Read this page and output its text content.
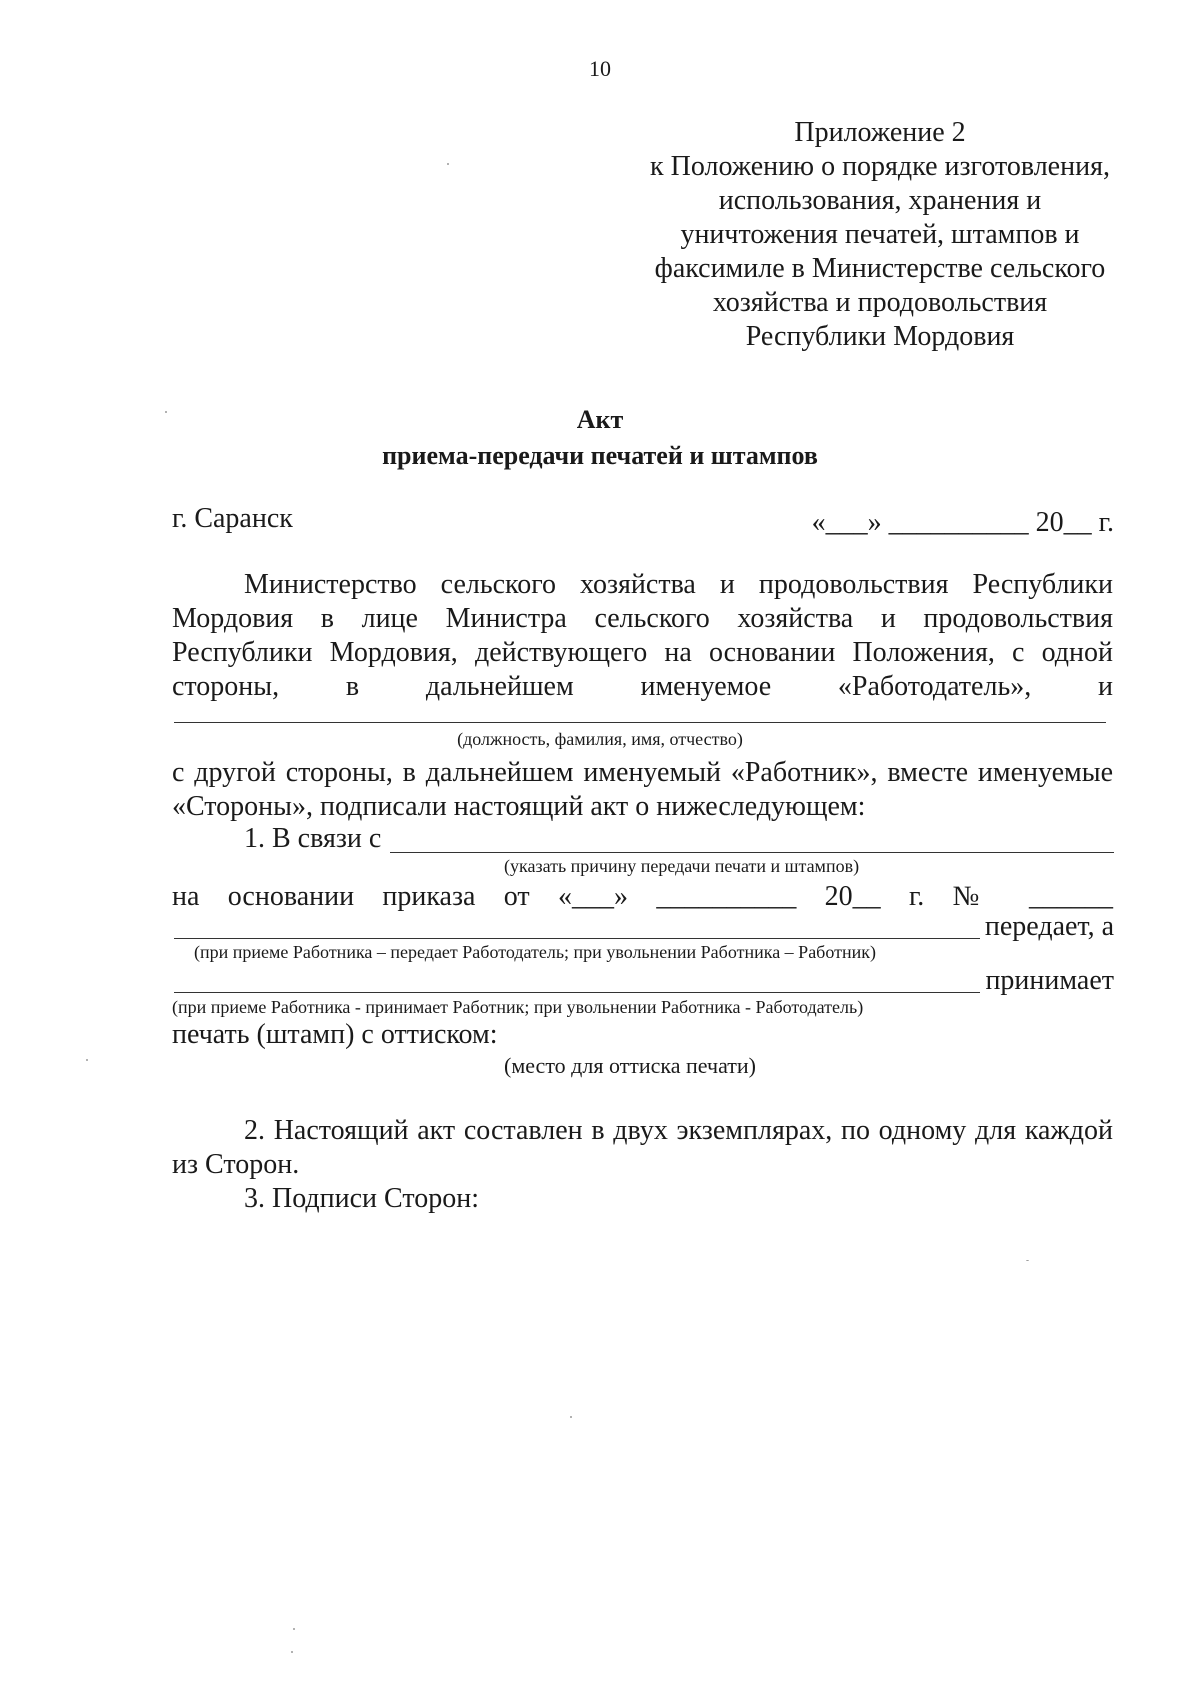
10
Приложение 2
к Положению о порядке изготовления,
использования, хранения и
уничтожения печатей, штампов и
факсимиле в Министерстве сельского
хозяйства и продовольствия
Республики Мордовия
Акт
приема-передачи печатей и штампов
г. Саранск	«___» __________ 20__ г.
Министерство сельского хозяйства и продовольствия Республики
Мордовия в лице Министра сельского хозяйства и продовольствия
Республики Мордовия, действующего на основании Положения, с одной
стороны, в дальнейшем именуемое «Работодатель», и
(должность, фамилия, имя, отчество)
с другой стороны, в дальнейшем именуемый «Работник», вместе именуемые
«Стороны», подписали настоящий акт о нижеследующем:
1. В связи с
(указать причину передачи печати и штампов)
на основании приказа от «___» __________ 20__ г. № ______
передает, а
(при приеме Работника – передает Работодатель; при увольнении Работника – Работник)
принимает
(при приеме Работника - принимает Работник; при увольнении Работника - Работодатель)
печать (штамп) с оттиском:
(место для оттиска печати)
2. Настоящий акт составлен в двух экземплярах, по одному для каждой
из Сторон.
3. Подписи Сторон:
